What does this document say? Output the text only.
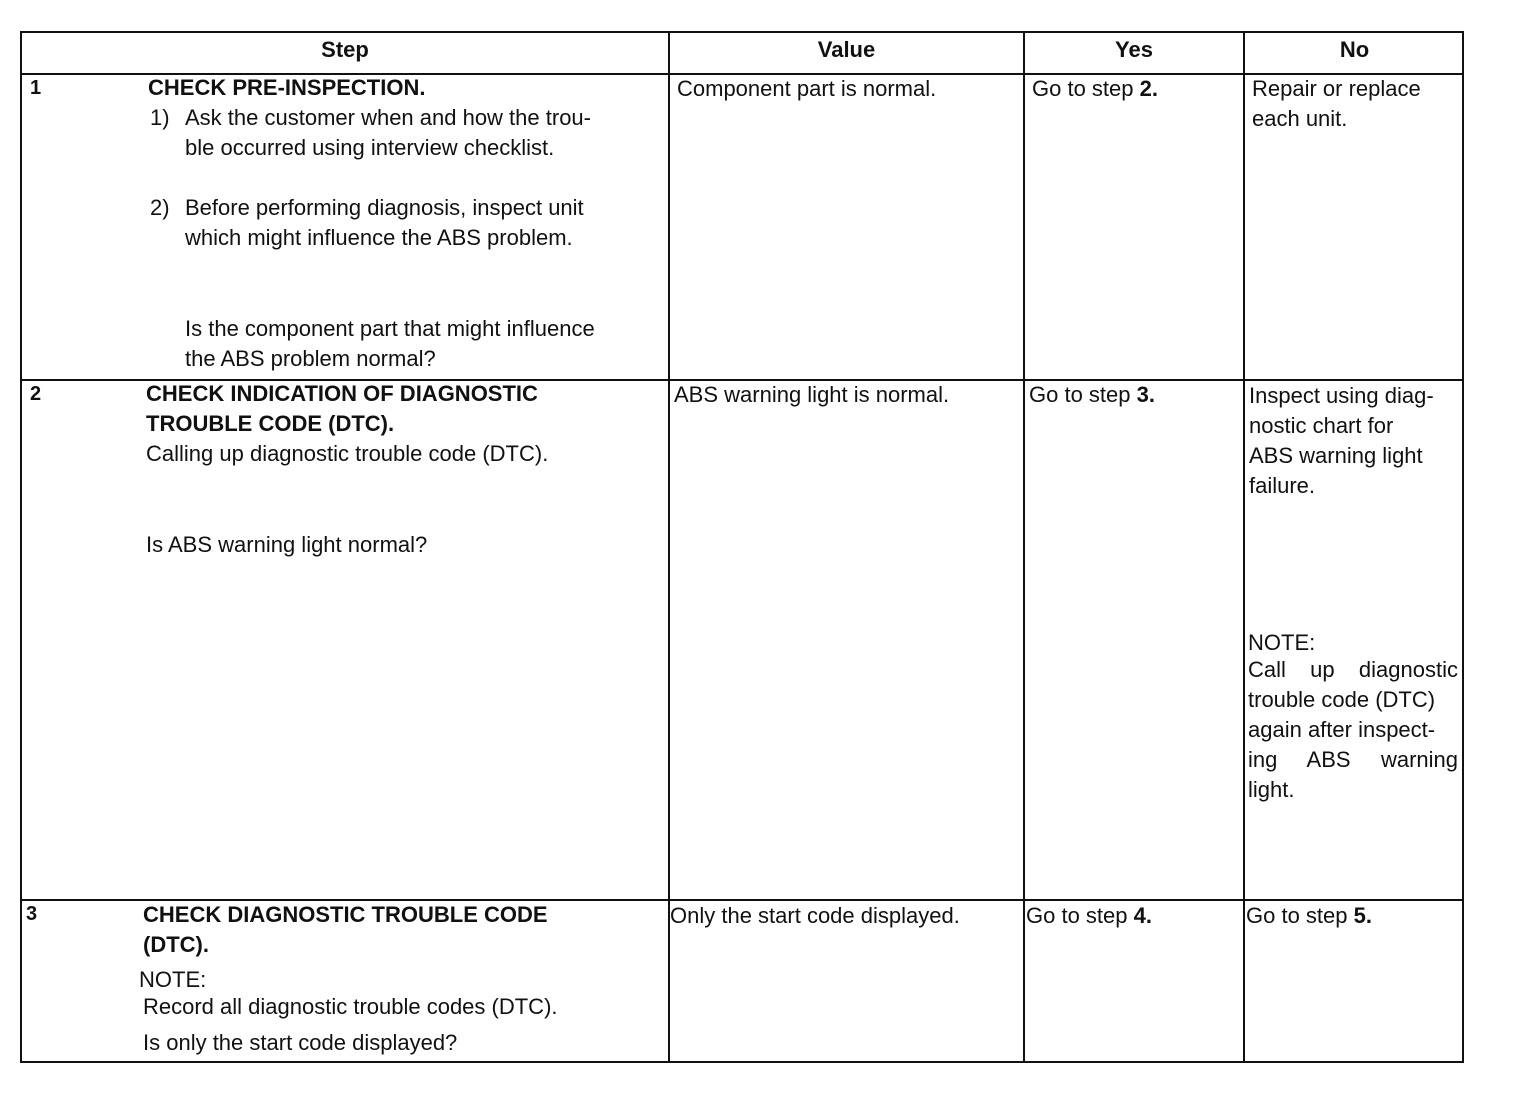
Step	Value	Yes	No
1	CHECK PRE-INSPECTION.
1) Ask the customer when and how the trou-
ble occurred using interview checklist.
2) Before performing diagnosis, inspect unit
which might influence the ABS problem.
Is the component part that might influence
the ABS problem normal?
Component part is normal.	Go to step 2.	Repair or replace
each unit.
2	CHECK INDICATION OF DIAGNOSTIC
TROUBLE CODE (DTC).
Calling up diagnostic trouble code (DTC).
Is ABS warning light normal?
ABS warning light is normal.	Go to step 3.	Inspect using diag-
nostic chart for
ABS warning light
failure.
NOTE:
Call up diagnostic
trouble code (DTC)
again after inspect-
ing ABS warning
light.
3	CHECK DIAGNOSTIC TROUBLE CODE
(DTC).
NOTE:
Record all diagnostic trouble codes (DTC).
Is only the start code displayed?
Only the start code displayed.	Go to step 4.	Go to step 5.
